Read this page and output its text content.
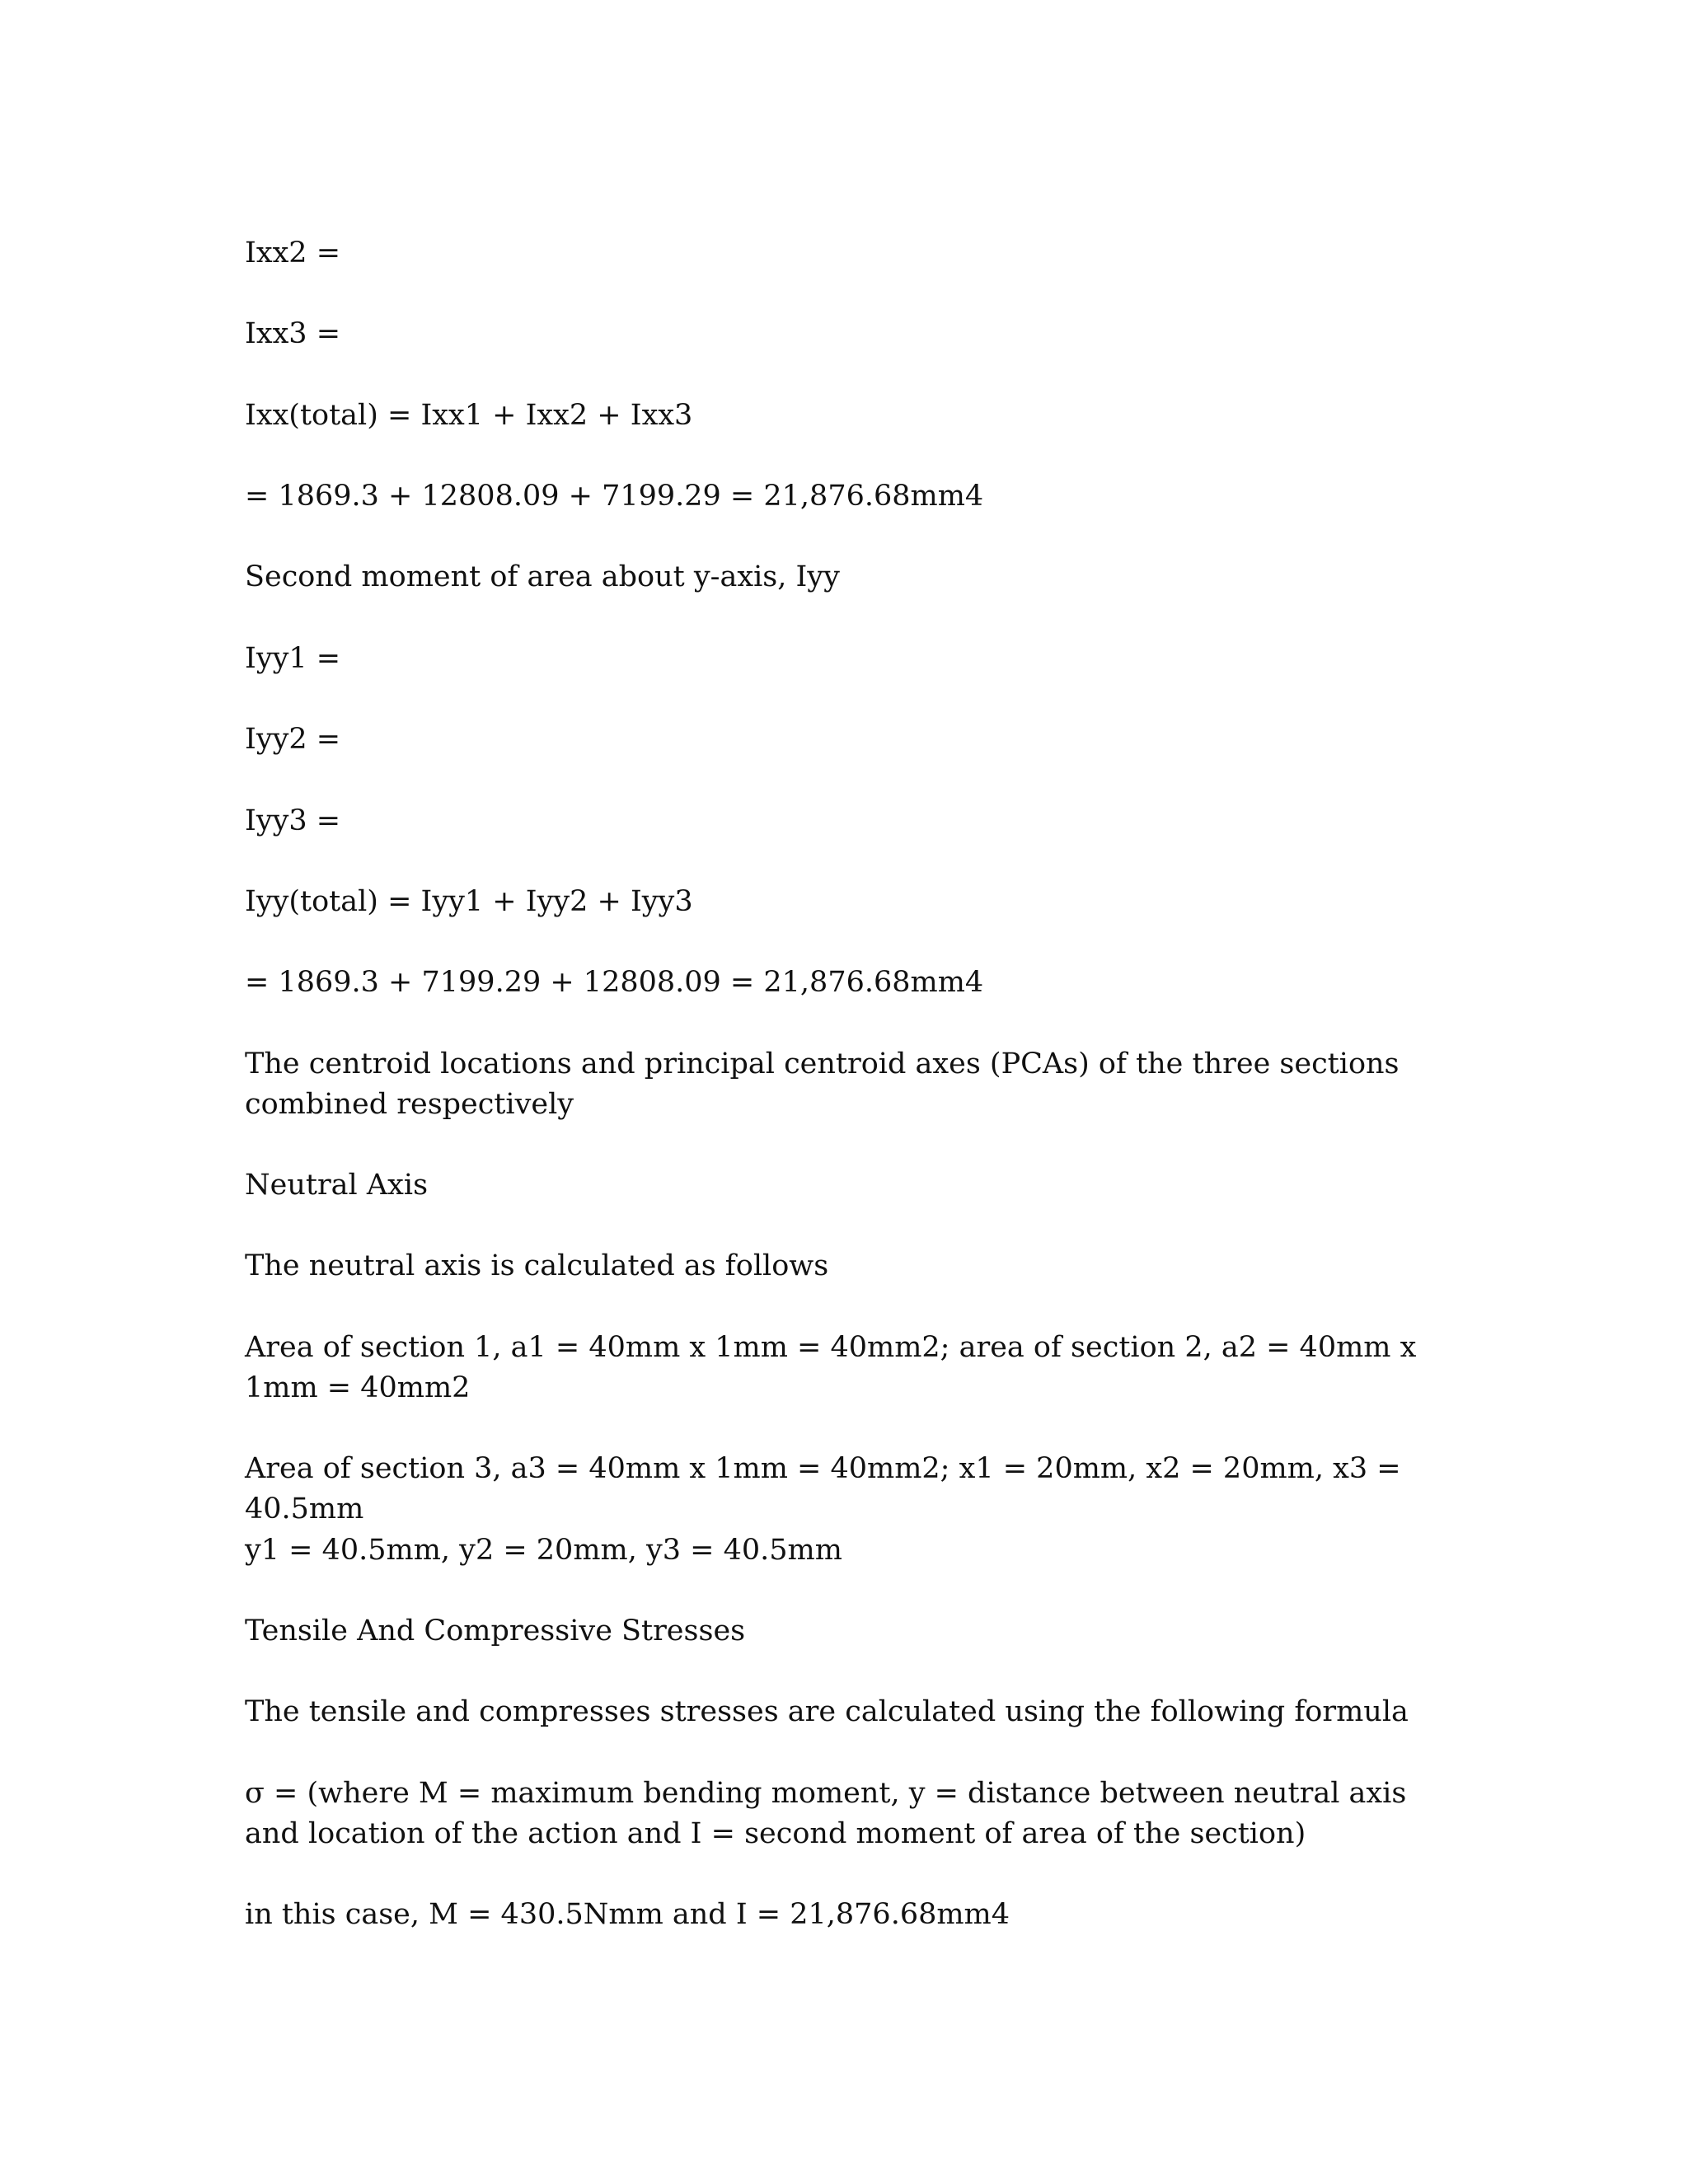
Ixx2 =

Ixx3 =

Ixx(total) = Ixx1 + Ixx2 + Ixx3

= 1869.3 + 12808.09 + 7199.29 = 21,876.68mm4

Second moment of area about y-axis, Iyy

Iyy1 =

Iyy2 =

Iyy3 =

Iyy(total) = Iyy1 + Iyy2 + Iyy3

= 1869.3 + 7199.29 + 12808.09 = 21,876.68mm4

The centroid locations and principal centroid axes (PCAs) of the three sections combined respectively

Neutral Axis

The neutral axis is calculated as follows

Area of section 1, a1 = 40mm x 1mm = 40mm2; area of section 2, a2 = 40mm x 1mm = 40mm2

Area of section 3, a3 = 40mm x 1mm = 40mm2; x1 = 20mm, x2 = 20mm, x3 = 40.5mm

y1 = 40.5mm, y2 = 20mm, y3 = 40.5mm

Tensile And Compressive Stresses

The tensile and compresses stresses are calculated using the following formula

σ = (where M = maximum bending moment, y = distance between neutral axis and location of the action and I = second moment of area of the section)

in this case, M = 430.5Nmm and I = 21,876.68mm4
